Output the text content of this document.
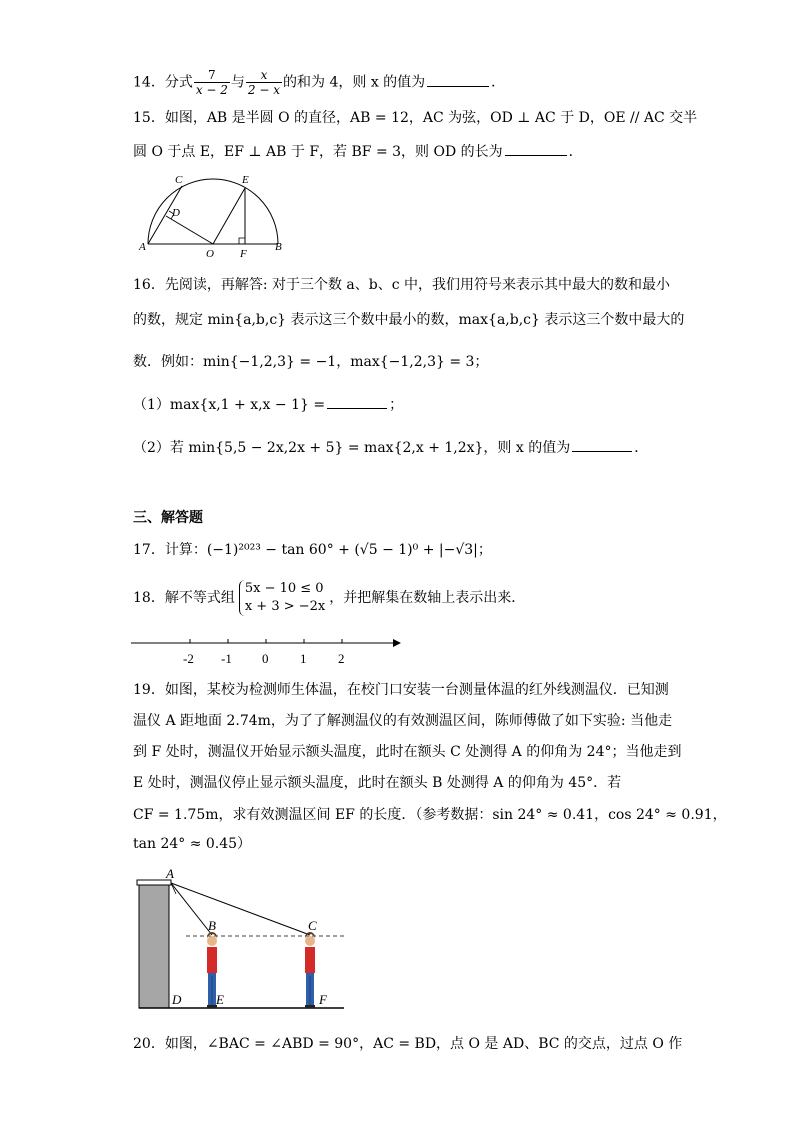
14．分式 $\frac{7}{x - 2}$ 与 $\frac{x}{2 - x}$ 的和为 4，则 x 的值为	．
15．如图，AB 是半圆 O 的直径，AB = 12，AC 为弦，OD ⊥ AC 于 D，OE // AC 交半
圆 O 于点 E，EF ⊥ AB 于 F，若 BF = 3，则 OD 的长为	．
C	E
D
A
O F
B
16．先阅读，再解答: 对于三个数 a、b、c 中，我们用符号来表示其中最大的数和最小
的数，规定 min{a,b,c} 表示这三个数中最小的数，max{a,b,c} 表示这三个数中最大的
数．例如：min{−1,2,3} = −1，max{−1,2,3} = 3；
（1）max{x,1 + x,x − 1} =	；
（2）若 min{5,5 − 2x,2x + 5} = max{2,x + 1,2x}，则 x 的值为	．
三、解答题
17．计算：(−1)²⁰²³ − tan 60° + (√5 − 1)⁰ + |−√3|；
18．解不等式组
5x − 10 ≤ 0
x + 3 > −2x
，并把解集在数轴上表示出来．
-2 -1 0 1 2
19．如图，某校为检测师生体温，在校门口安装一台测量体温的红外线测温仪．已知测
温仪 A 距地面 2.74m，为了了解测温仪的有效测温区间，陈师傅做了如下实验: 当他走
到 F 处时，测温仪开始显示额头温度，此时在额头 C 处测得 A 的仰角为 24°；当他走到
E 处时，测温仪停止显示额头温度，此时在额头 B 处测得 A 的仰角为 45°．若
CF = 1.75m，求有效测温区间 EF 的长度．（参考数据：sin 24° ≈ 0.41，cos 24° ≈ 0.91，
tan 24° ≈ 0.45）
A
B	C
D	E	F
20．如图，∠BAC = ∠ABD = 90°，AC = BD，点 O 是 AD、BC 的交点，过点 O 作
